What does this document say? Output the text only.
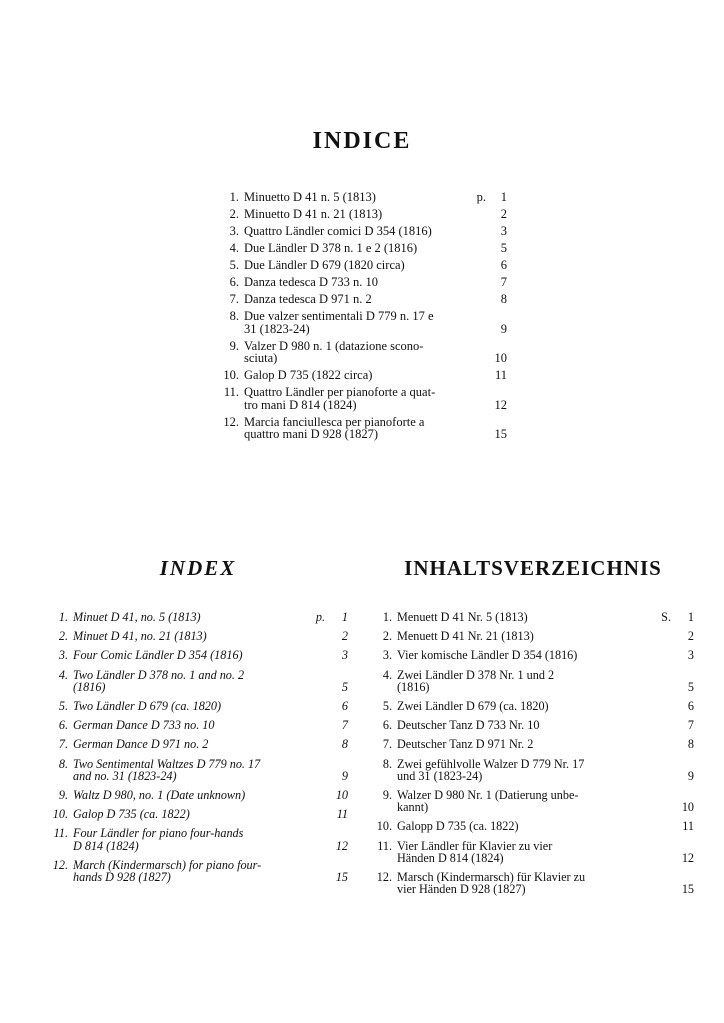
INDICE
1. Minuetto D 41 n. 5 (1813)	p.	1
2. Minuetto D 41 n. 21 (1813)	2
3. Quattro Ländler comici D 354 (1816)	3
4. Due Ländler D 378 n. 1 e 2 (1816)	5
5. Due Ländler D 679 (1820 circa)	6
6. Danza tedesca D 733 n. 10	7
7. Danza tedesca D 971 n. 2	8
8. Due valzer sentimentali D 779 n. 17 e
31 (1823-24)	9
9. Valzer D 980 n. 1 (datazione scono-
sciuta)	10
10. Galop D 735 (1822 circa)	11
11. Quattro Ländler per pianoforte a quat-
tro mani D 814 (1824)	12
12. Marcia fanciullesca per pianoforte a
quattro mani D 928 (1827)	15
INDEX
1. Minuet D 41, no. 5 (1813)	p.	1
2. Minuet D 41, no. 21 (1813)	2
3. Four Comic Ländler D 354 (1816)	3
4. Two Ländler D 378 no. 1 and no. 2
(1816)	5
5. Two Ländler D 679 (ca. 1820)	6
6. German Dance D 733 no. 10	7
7. German Dance D 971 no. 2	8
8. Two Sentimental Waltzes D 779 no. 17
and no. 31 (1823-24)	9
9. Waltz D 980, no. 1 (Date unknown)	10
10. Galop D 735 (ca. 1822)	11
11. Four Ländler for piano four-hands
D 814 (1824)	12
12. March (Kindermarsch) for piano four-
hands D 928 (1827)	15
INHALTSVERZEICHNIS
1. Menuett D 41 Nr. 5 (1813)	S.	1
2. Menuett D 41 Nr. 21 (1813)	2
3. Vier komische Ländler D 354 (1816)	3
4. Zwei Ländler D 378 Nr. 1 und 2
(1816)	5
5. Zwei Ländler D 679 (ca. 1820)	6
6. Deutscher Tanz D 733 Nr. 10	7
7. Deutscher Tanz D 971 Nr. 2	8
8. Zwei gefühlvolle Walzer D 779 Nr. 17
und 31 (1823-24)	9
9. Walzer D 980 Nr. 1 (Datierung unbe-
kannt)	10
10. Galopp D 735 (ca. 1822)	11
11. Vier Ländler für Klavier zu vier
Händen D 814 (1824)	12
12. Marsch (Kindermarsch) für Klavier zu
vier Händen D 928 (1827)	15
